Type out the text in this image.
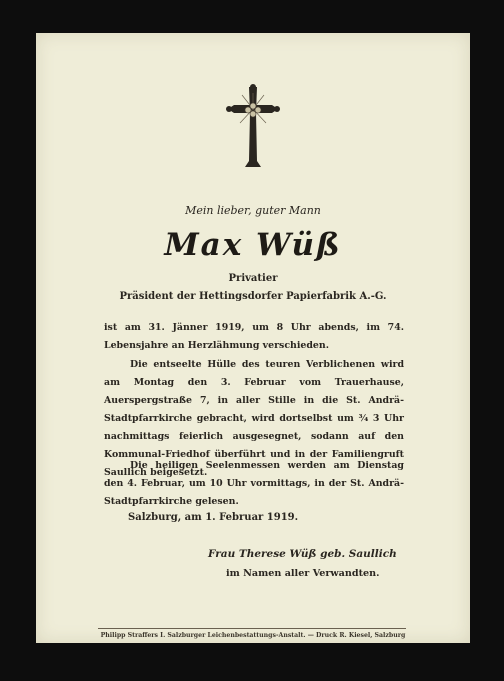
Mein lieber, guter Mann
Max Wüß
Privatier
Präsident der Hettingsdorfer Papierfabrik A.-G.
ist am 31. Jänner 1919, um 8 Uhr abends, im 74. Lebensjahre an Herzlähmung verschieden.
Die entseelte Hülle des teuren Verblichenen wird am Montag den 3. Februar vom Trauerhause, Auerspergstraße 7, in aller Stille in die St. Andrä-Stadtpfarrkirche gebracht, wird dortselbst um ¾ 3 Uhr nachmittags feierlich ausgesegnet, sodann auf den Kommunal-Friedhof überführt und in der Familiengruft Saullich beigesetzt.
Die heiligen Seelenmessen werden am Dienstag den 4. Februar, um 10 Uhr vormittags, in der St. Andrä-Stadtpfarrkirche gelesen.
Salzburg, am 1. Februar 1919.
Frau Therese Wüß geb. Saullich
im Namen aller Verwandten.
Philipp Straffers I. Salzburger Leichenbestattungs-Anstalt. — Druck R. Kiesel, Salzburg
